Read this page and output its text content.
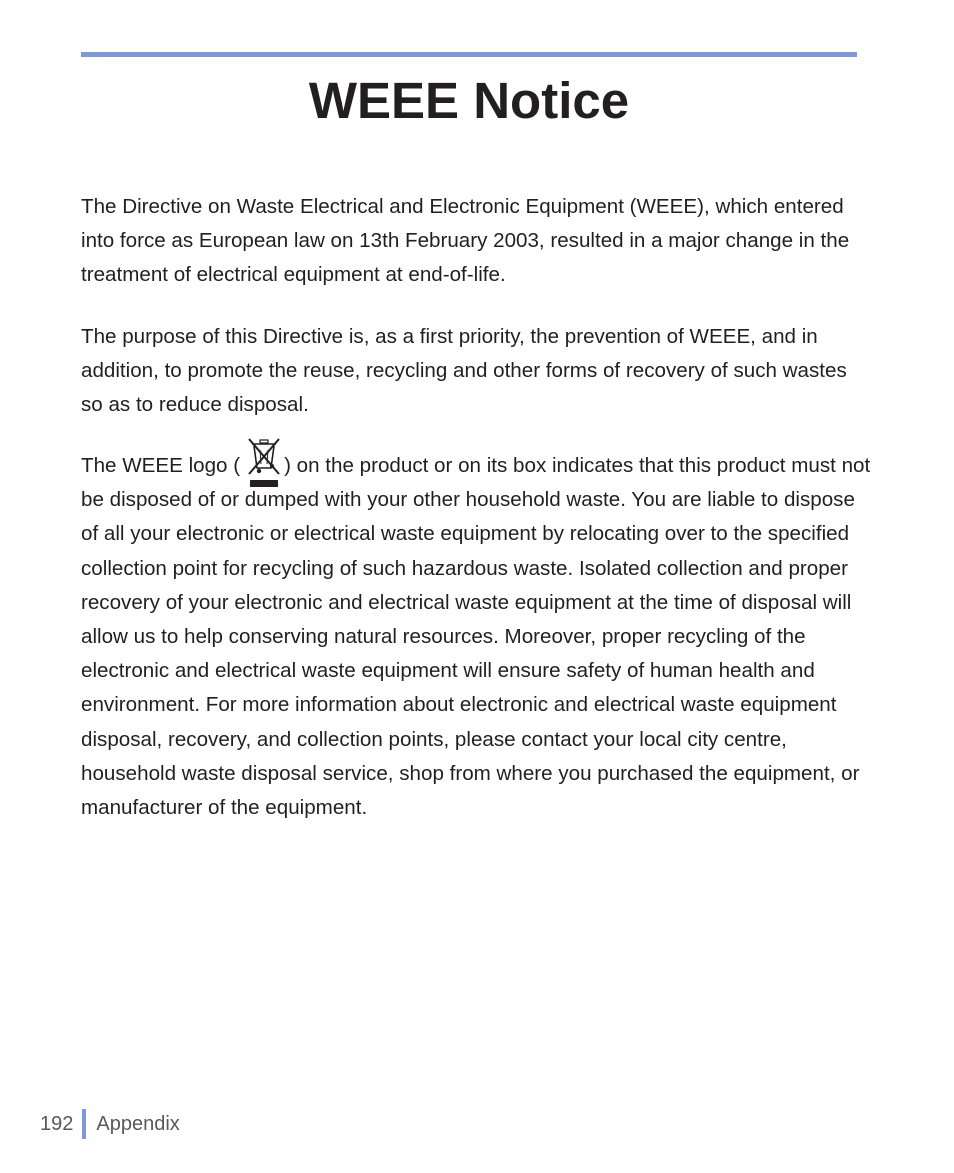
WEEE Notice

The Directive on Waste Electrical and Electronic Equipment (WEEE), which entered into force as European law on 13th February 2003, resulted in a major change in the treatment of electrical equipment at end-of-life.

The purpose of this Directive is, as a first priority, the prevention of WEEE, and in addition, to promote the reuse, recycling and other forms of recovery of such wastes so as to reduce disposal.

The WEEE logo ( ) on the product or on its box indicates that this product must not be disposed of or dumped with your other household waste. You are liable to dispose of all your electronic or electrical waste equipment by relocating over to the specified collection point for recycling of such hazardous waste. Isolated collection and proper recovery of your electronic and electrical waste equipment at the time of disposal will allow us to help conserving natural resources. Moreover, proper recycling of the electronic and electrical waste equipment will ensure safety of human health and environment. For more information about electronic and electrical waste equipment disposal, recovery, and collection points, please contact your local city centre, household waste disposal service, shop from where you purchased the equipment, or manufacturer of the equipment.

192 Appendix
